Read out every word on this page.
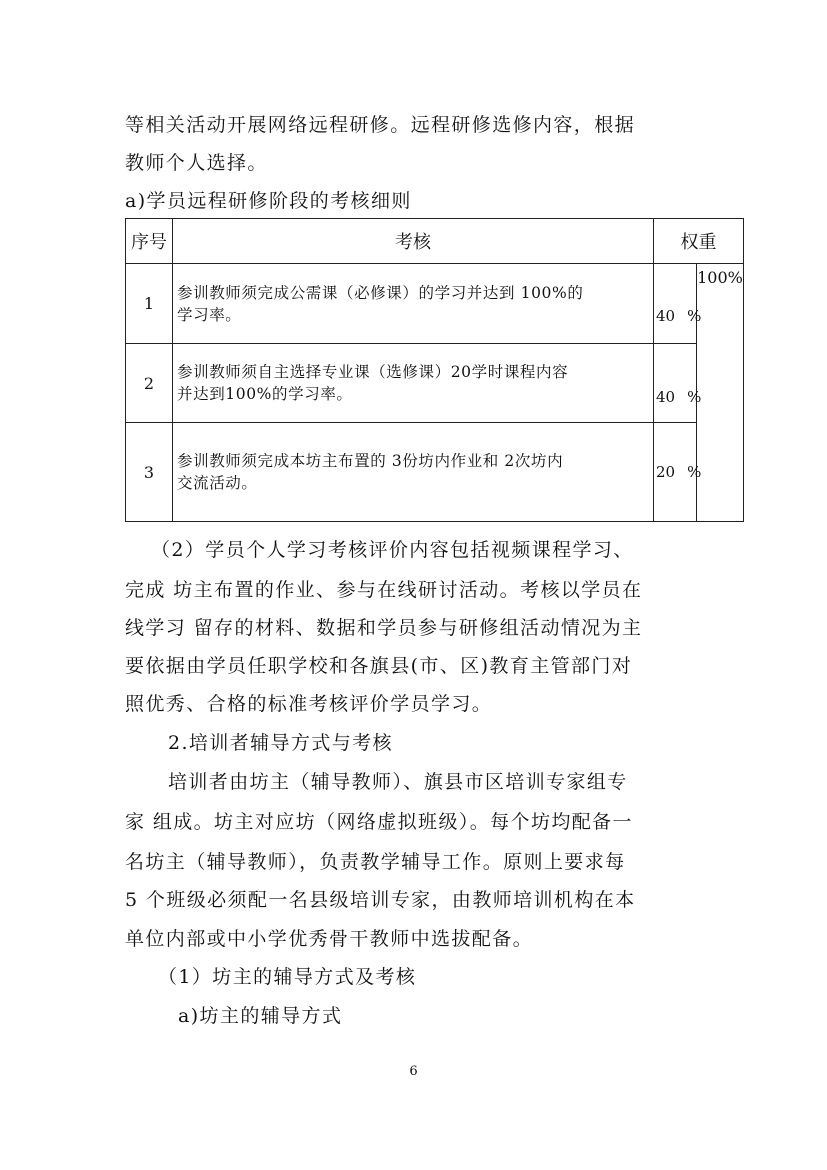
等相关活动开展网络远程研修。远程研修选修内容，根据
教师个人选择。
a)学员远程研修阶段的考核细则
序号	考核	权重	
1	参训教师须完成公需课（必修课）的学习并达到 100%的
学习率。	40 %	100%
2	参训教师须自主选择专业课（选修课）20学时课程内容
并达到100%的学习率。	40 %	
3	参训教师须完成本坊主布置的 3份坊内作业和 2次坊内
交流活动。	20 %	
（2）学员个人学习考核评价内容包括视频课程学习、
完成 坊主布置的作业、参与在线研讨活动。考核以学员在
线学习 留存的材料、数据和学员参与研修组活动情况为主
要依据由学员任职学校和各旗县(市、区)教育主管部门对
照优秀、合格的标准考核评价学员学习。
2.培训者辅导方式与考核
培训者由坊主（辅导教师）、旗县市区培训专家组专
家 组成。坊主对应坊（网络虚拟班级）。每个坊均配备一
名坊主（辅导教师），负责教学辅导工作。原则上要求每
5 个班级必须配一名县级培训专家，由教师培训机构在本
单位内部或中小学优秀骨干教师中选拔配备。
（1）坊主的辅导方式及考核
a)坊主的辅导方式
6
